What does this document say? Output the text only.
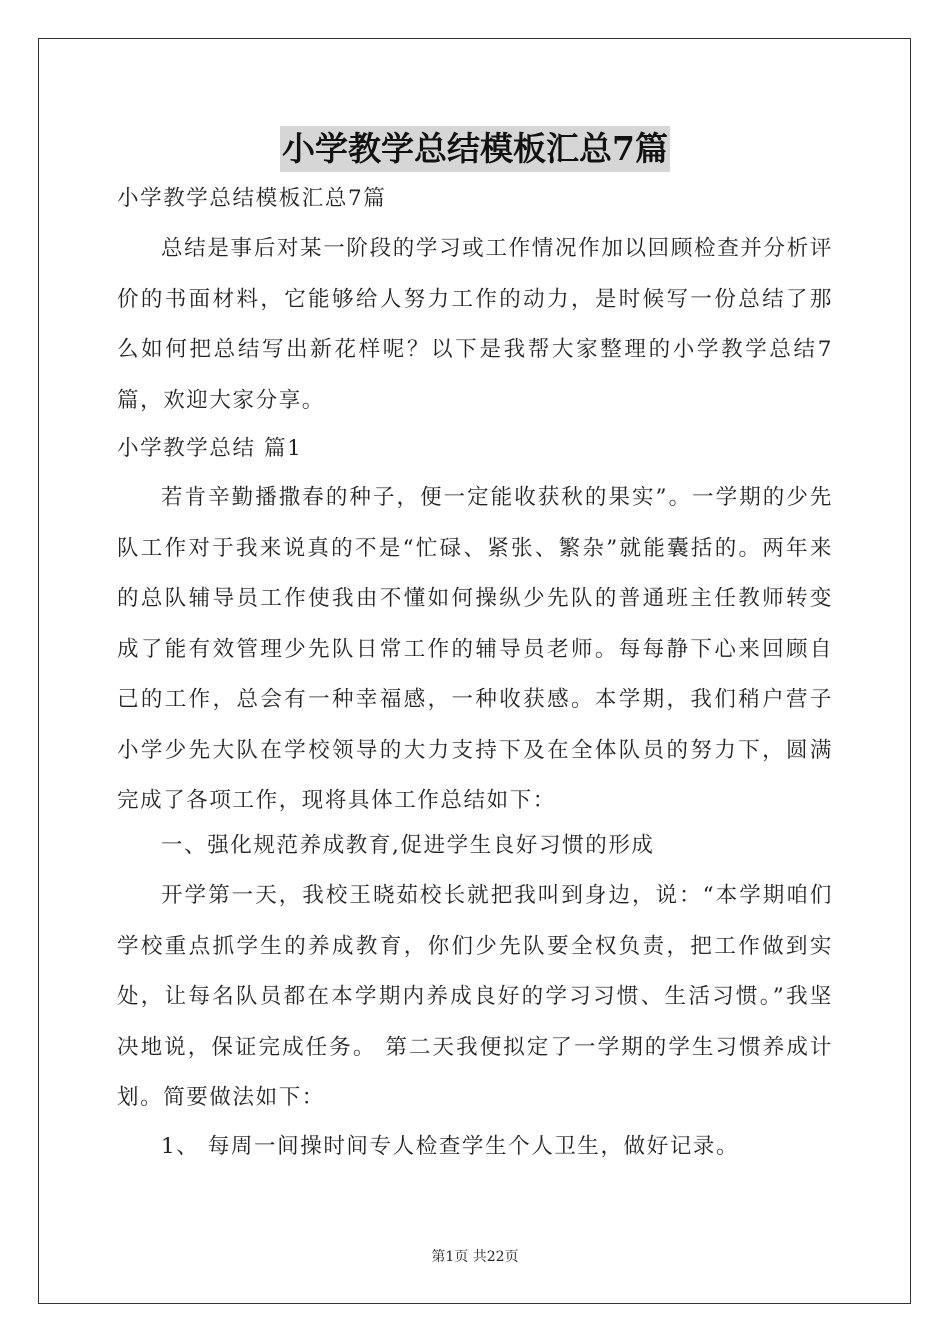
小学教学总结模板汇总7篇
小学教学总结模板汇总7篇
总结是事后对某一阶段的学习或工作情况作加以回顾检查并分析评价的书面材料，它能够给人努力工作的动力，是时候写一份总结了那么如何把总结写出新花样呢？以下是我帮大家整理的小学教学总结7篇，欢迎大家分享。
小学教学总结 篇1
若肯辛勤播撒春的种子，便一定能收获秋的果实”。一学期的少先队工作对于我来说真的不是“忙碌、紧张、繁杂”就能囊括的。两年来的总队辅导员工作使我由不懂如何操纵少先队的普通班主任教师转变成了能有效管理少先队日常工作的辅导员老师。每每静下心来回顾自己的工作，总会有一种幸福感，一种收获感。本学期，我们稍户营子小学少先大队在学校领导的大力支持下及在全体队员的努力下，圆满完成了各项工作，现将具体工作总结如下：
一、强化规范养成教育,促进学生良好习惯的形成
开学第一天，我校王晓茹校长就把我叫到身边，说：“本学期咱们学校重点抓学生的养成教育，你们少先队要全权负责，把工作做到实处，让每名队员都在本学期内养成良好的学习习惯、生活习惯。”我坚决地说，保证完成任务。 第二天我便拟定了一学期的学生习惯养成计划。简要做法如下：
1、 每周一间操时间专人检查学生个人卫生，做好记录。
第1页 共22页
